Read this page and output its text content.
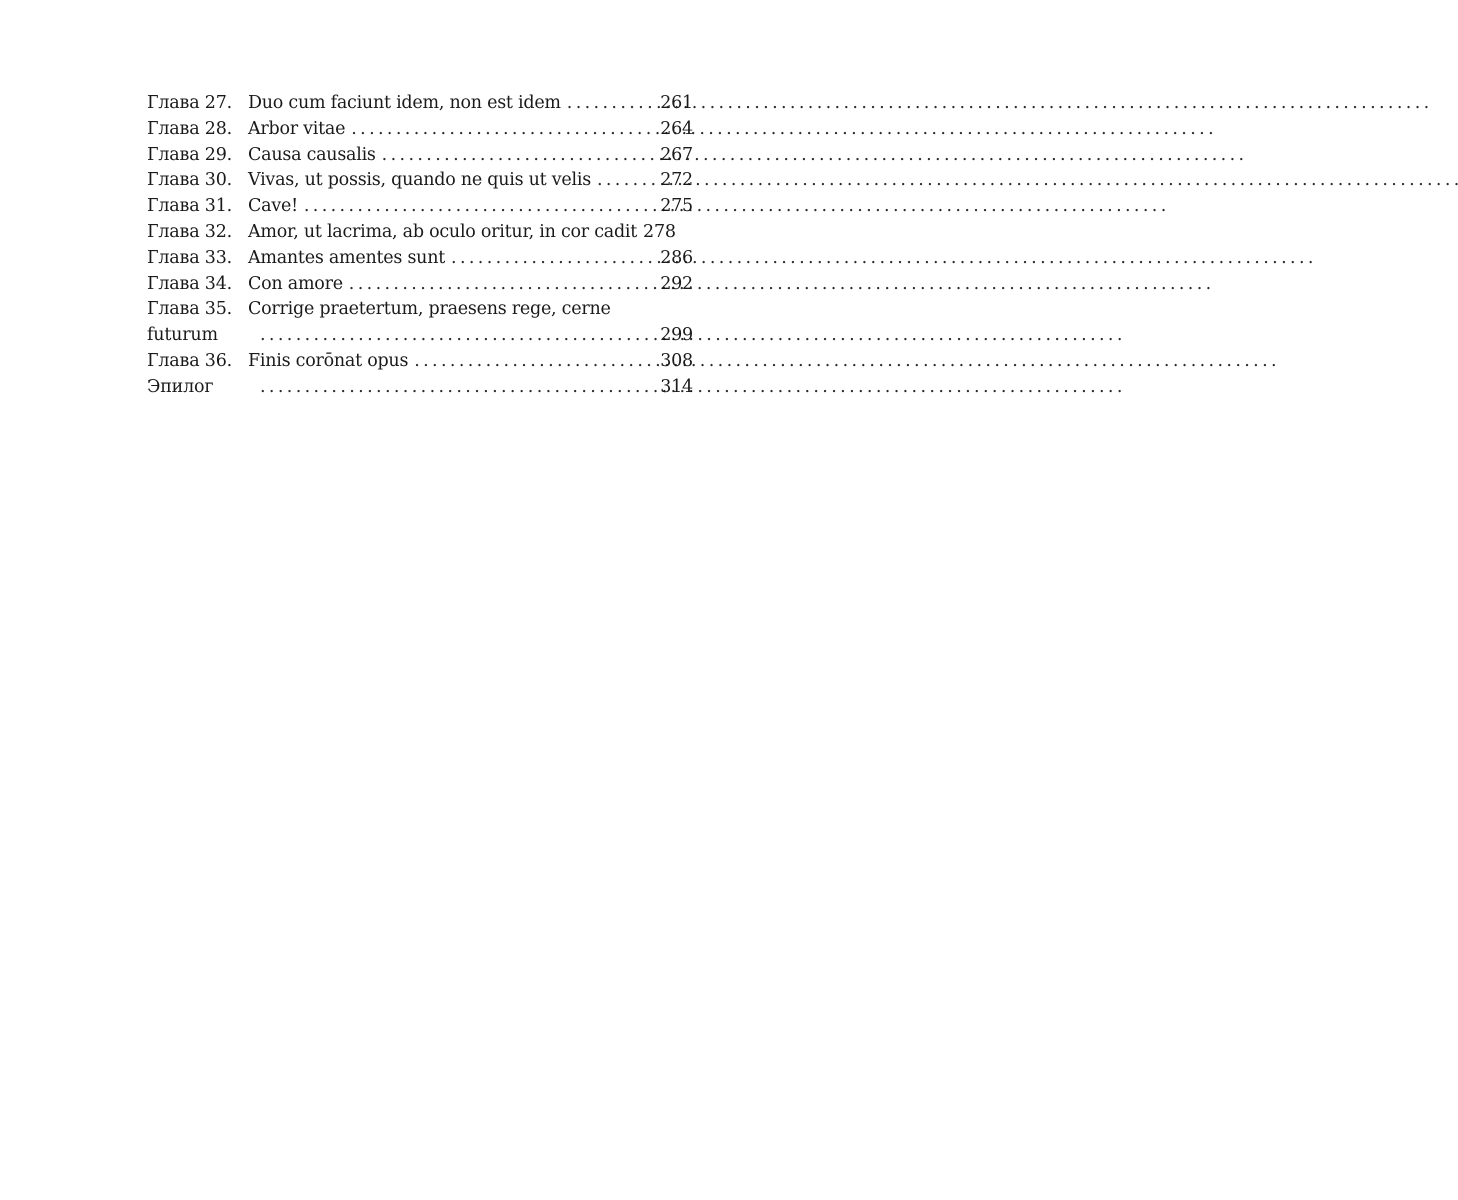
Глава 27. Duo cum faciunt idem, non est idem . . .	261
Глава 28. Arbor vitae . . .	264
Глава 29. Causa causalis . . .	267
Глава 30. Vivas, ut possis, quando ne quis ut velis . . .	272
Глава 31. Cave! . . .	275
Глава 32. Amor, ut lacrima, ab oculo oritur, in cor cadit 278
Глава 33. Amantes amentes sunt . . .	286
Глава 34. Con amore . . .	292
Глава 35. Corrige praetertum, praesens rege, cerne
futurum . . .	299
Глава 36. Finis corōnat opus . . .	308
Эпилог . . .	314
